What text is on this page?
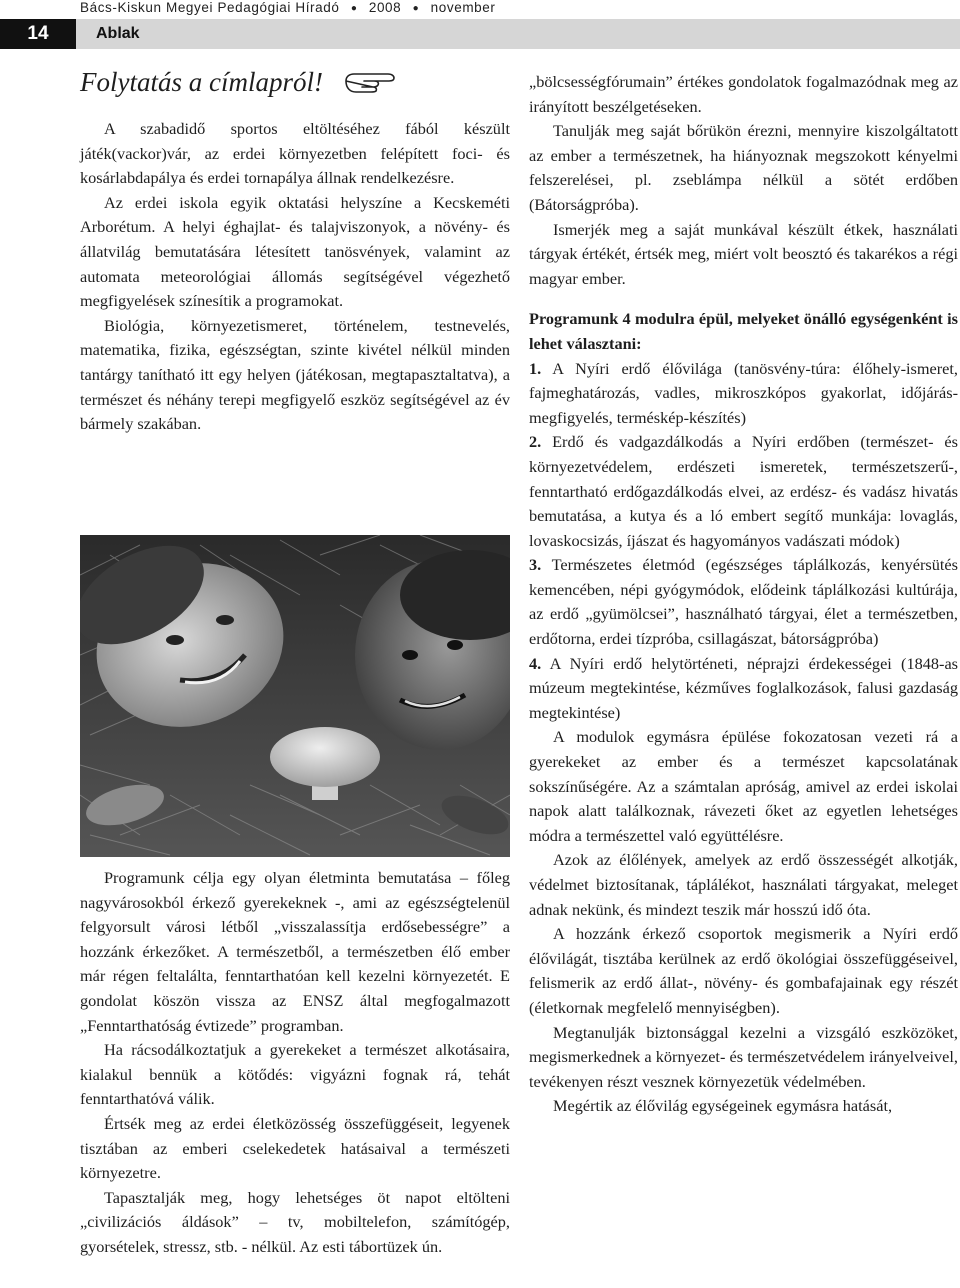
Bács-Kiskun Megyei Pedagógiai Híradó ● 2008 ● november
14	Ablak
Folytatás a címlapról!

A szabadidő sportos eltöltéséhez fából készült játék(vackor)vár, az erdei környezetben felépített foci- és kosárlabdapálya és erdei tornapálya állnak rendelkezésre.

Az erdei iskola egyik oktatási helyszíne a Kecskeméti Arborétum. A helyi éghajlat- és talajviszonyok, a növény- és állatvilág bemutatására létesített tanösvények, valamint az automata meteorológiai állomás segítségével végezhető megfigyelések színesítik a programokat.

Biológia, környezetismeret, történelem, testnevelés, matematika, fizika, egészségtan, szinte kivétel nélkül minden tantárgy tanítható itt egy helyen (játékosan, megtapasztaltatva), a természet és néhány terepi megfigyelő eszköz segítségével az év bármely szakában.

Programunk célja egy olyan életminta bemutatása – főleg nagyvárosokból érkező gyerekeknek -, ami az egészségtelenül felgyorsult városi létből „visszalassítja erdősebességre” a hozzánk érkezőket. A természetből, a természetben élő ember már régen feltalálta, fenntarthatóan kell kezelni környezetét. E gondolat köszön vissza az ENSZ által megfogalmazott „Fenntarthatóság évtizede” programban.

Ha rácsodálkoztatjuk a gyerekeket a természet alkotásaira, kialakul bennük a kötődés: vigyázni fognak rá, tehát fenntarthatóvá válik.

Értsék meg az erdei életközösség összefüggéseit, legyenek tisztában az emberi cselekedetek hatásaival a természeti környezetre.

Tapasztalják meg, hogy lehetséges öt napot eltölteni „civilizációs áldások” – tv, mobiltelefon, számítógép, gyorsételek, stressz, stb. - nélkül. Az esti tábortüzek ún.

„bölcsességfórumain” értékes gondolatok fogalmazódnak meg az irányított beszélgetéseken.

Tanulják meg saját bőrükön érezni, mennyire kiszolgáltatott az ember a természetnek, ha hiányoznak megszokott kényelmi felszerelései, pl. zseblámpa nélkül a sötét erdőben (Bátorságpróba).

Ismerjék meg a saját munkával készült étkek, használati tárgyak értékét, értsék meg, miért volt beosztó és takarékos a régi magyar ember.

Programunk 4 modulra épül, melyeket önálló egységenként is lehet választani:

1. A Nyíri erdő élővilága (tanösvény-túra: élőhely-ismeret, fajmeghatározás, vadles, mikroszkópos gyakorlat, időjárás-megfigyelés, terméskép-készítés)

2. Erdő és vadgazdálkodás a Nyíri erdőben (természet- és környezetvédelem, erdészeti ismeretek, természetszerű-, fenntartható erdőgazdálkodás elvei, az erdész- és vadász hivatás bemutatása, a kutya és a ló embert segítő munkája: lovaglás, lovaskocsizás, íjászat és hagyományos vadászati módok)

3. Természetes életmód (egészséges táplálkozás, kenyérsütés kemencében, népi gyógymódok, elődeink táplálkozási kultúrája, az erdő „gyümölcsei”, használható tárgyai, élet a természetben, erdőtorna, erdei tízpróba, csillagászat, bátorságpróba)

4. A Nyíri erdő helytörténeti, néprajzi érdekességei (1848-as múzeum megtekintése, kézműves foglalkozások, falusi gazdaság megtekintése)

A modulok egymásra épülése fokozatosan vezeti rá a gyerekeket az ember és a természet kapcsolatának sokszínűségére. Az a számtalan apróság, amivel az erdei iskolai napok alatt találkoznak, rávezeti őket az egyetlen lehetséges módra a természettel való együttélésre.

Azok az élőlények, amelyek az erdő összességét alkotják, védelmet biztosítanak, táplálékot, használati tárgyakat, meleget adnak nekünk, és mindezt teszik már hosszú idő óta.

A hozzánk érkező csoportok megismerik a Nyíri erdő élővilágát, tisztába kerülnek az erdő ökológiai összefüggéseivel, felismerik az erdő állat-, növény- és gombafajainak egy részét (életkornak megfelelő mennyiségben).

Megtanulják biztonsággal kezelni a vizsgáló eszközöket, megismerkednek a környezet- és természetvédelem irányelveivel, tevékenyen részt vesznek környezetük védelmében.

Megértik az élővilág egységeinek egymásra hatását,
